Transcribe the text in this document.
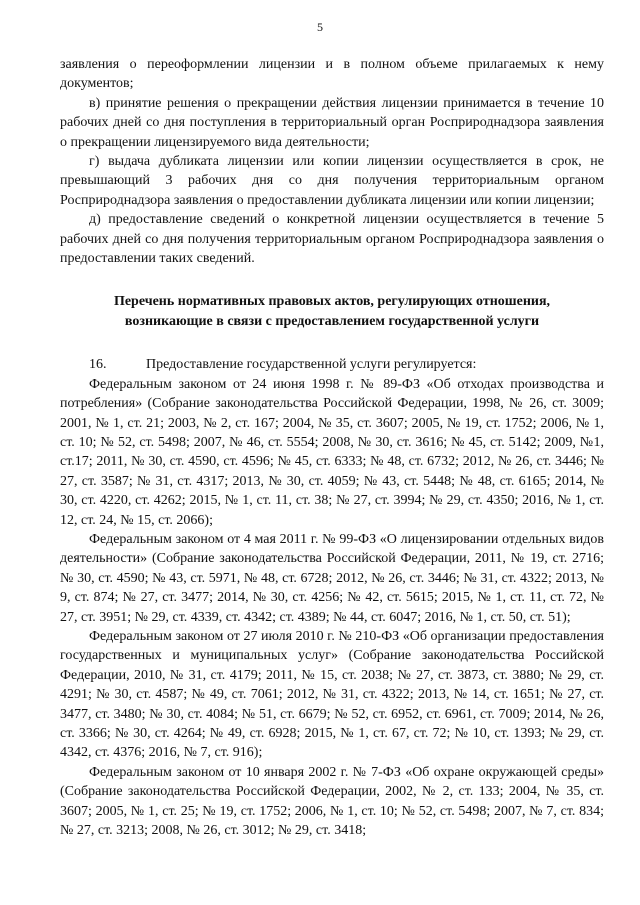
5

заявления о переоформлении лицензии и в полном объеме прилагаемых к нему документов;

в) принятие решения о прекращении действия лицензии принимается в течение 10 рабочих дней со дня поступления в территориальный орган Росприроднадзора заявления о прекращении лицензируемого вида деятельности;

г) выдача дубликата лицензии или копии лицензии осуществляется в срок, не превышающий 3 рабочих дня со дня получения территориальным органом Росприроднадзора заявления о предоставлении дубликата лицензии или копии лицензии;

д) предоставление сведений о конкретной лицензии осуществляется в течение 5 рабочих дней со дня получения территориальным органом Росприроднадзора заявления о предоставлении таких сведений.

Перечень нормативных правовых актов, регулирующих отношения, возникающие в связи с предоставлением государственной услуги

16.	Предоставление государственной услуги регулируется:

Федеральным законом от 24 июня 1998 г. № 89-ФЗ «Об отходах производства и потребления» (Собрание законодательства Российской Федерации, 1998, № 26, ст. 3009; 2001, № 1, ст. 21; 2003, № 2, ст. 167; 2004, № 35, ст. 3607; 2005, № 19, ст. 1752; 2006, № 1, ст. 10; № 52, ст. 5498; 2007, № 46, ст. 5554; 2008, № 30, ст. 3616; № 45, ст. 5142; 2009, №1, ст.17; 2011, № 30, ст. 4590, ст. 4596; № 45, ст. 6333; № 48, ст. 6732; 2012, № 26, ст. 3446; № 27, ст. 3587; № 31, ст. 4317; 2013, № 30, ст. 4059; № 43, ст. 5448; № 48, ст. 6165; 2014, № 30, ст. 4220, ст. 4262; 2015, № 1, ст. 11, ст. 38; № 27, ст. 3994; № 29, ст. 4350; 2016, № 1, ст. 12, ст. 24, № 15, ст. 2066);

Федеральным законом от 4 мая 2011 г. № 99-ФЗ «О лицензировании отдельных видов деятельности» (Собрание законодательства Российской Федерации, 2011, № 19, ст. 2716; № 30, ст. 4590; № 43, ст. 5971, № 48, ст. 6728; 2012, № 26, ст. 3446; № 31, ст. 4322; 2013, № 9, ст. 874; № 27, ст. 3477; 2014, № 30, ст. 4256; № 42, ст. 5615; 2015, № 1, ст. 11, ст. 72, № 27, ст. 3951; № 29, ст. 4339, ст. 4342; ст. 4389; № 44, ст. 6047; 2016, № 1, ст. 50, ст. 51);

Федеральным законом от 27 июля 2010 г. № 210-ФЗ «Об организации предоставления государственных и муниципальных услуг» (Собрание законодательства Российской Федерации, 2010, № 31, ст. 4179; 2011, № 15, ст. 2038; № 27, ст. 3873, ст. 3880; № 29, ст. 4291; № 30, ст. 4587; № 49, ст. 7061; 2012, № 31, ст. 4322; 2013, № 14, ст. 1651; № 27, ст. 3477, ст. 3480; № 30, ст. 4084; № 51, ст. 6679; № 52, ст. 6952, ст. 6961, ст. 7009; 2014, № 26, ст. 3366; № 30, ст. 4264; № 49, ст. 6928; 2015, № 1, ст. 67, ст. 72; № 10, ст. 1393; № 29, ст. 4342, ст. 4376; 2016, № 7, ст. 916);

Федеральным законом от 10 января 2002 г. № 7-ФЗ «Об охране окружающей среды» (Собрание законодательства Российской Федерации, 2002, № 2, ст. 133; 2004, № 35, ст. 3607; 2005, № 1, ст. 25; № 19, ст. 1752; 2006, № 1, ст. 10; № 52, ст. 5498; 2007, № 7, ст. 834; № 27, ст. 3213; 2008, № 26, ст. 3012; № 29, ст. 3418;
